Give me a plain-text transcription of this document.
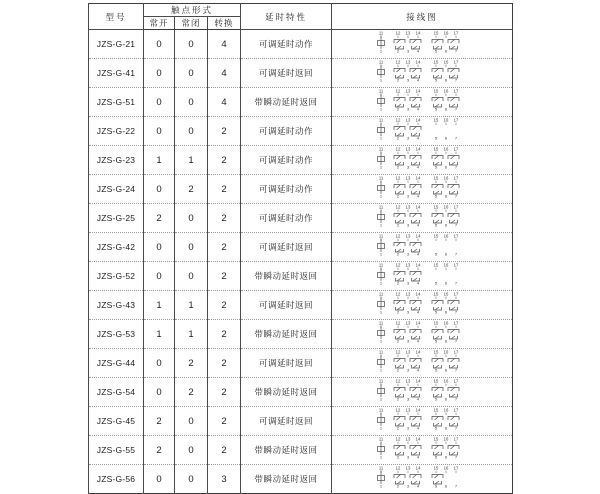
型号	触点形式			延时特性	接线图
	常开	常闭	转换		
JZS-G-21	0	0	4	可调延时动作	
11	12 13 14	15 16 17
1	2 3 4	5 6 7

JZS-G-41	0	0	4	可调延时返回	
11	12 13 14	15 16 17
1	2 3 4	5 6 7

JZS-G-51	0	0	4	带瞬动延时返回	
11	12 13 14	15 16 17
1	2 3 4	5 6 7

JZS-G-22	0	0	2	可调延时动作	
11	12 13 14	15 16 17
1	2 3 4	5 6 7

JZS-G-23	1	1	2	可调延时动作	
11	12 13 14	15 16 17
1	2 3 4	5 6 7

JZS-G-24	0	2	2	可调延时动作	
11	12 13 14	15 16 17
1	2 3 4	5 6 7

JZS-G-25	2	0	2	可调延时动作	
11	12 13 14	15 16 17
1	2 3 4	5 6 7

JZS-G-42	0	0	2	可调延时返回	
11	12 13 14	15 16 17
1	2 3 4	5 6 7

JZS-G-52	0	0	2	带瞬动延时返回	
11	12 13 14	15 16 17
1	2 3 4	5 6 7

JZS-G-43	1	1	2	可调延时返回	
11	12 13 14	15 16 17
1	2 3 4	5 6 7

JZS-G-53	1	1	2	带瞬动延时返回	
11	12 13 14	15 16 17
1	2 3 4	5 6 7

JZS-G-44	0	2	2	可调延时返回	
11	12 13 14	15 16 17
1	2 3 4	5 6 7

JZS-G-54	0	2	2	带瞬动延时返回	
11	12 13 14	15 16 17
1	2 3 4	5 6 7

JZS-G-45	2	0	2	可调延时返回	
11	12 13 14	15 16 17
1	2 3 4	5 6 7

JZS-G-55	2	0	2	带瞬动延时返回	
11	12 13 14	15 16 17
1	2 3 4	5 6 7

JZS-G-56	0	0	3	带瞬动延时返回	
11	12 13 14	15 16 17
1	2 3 4	5 6 7
